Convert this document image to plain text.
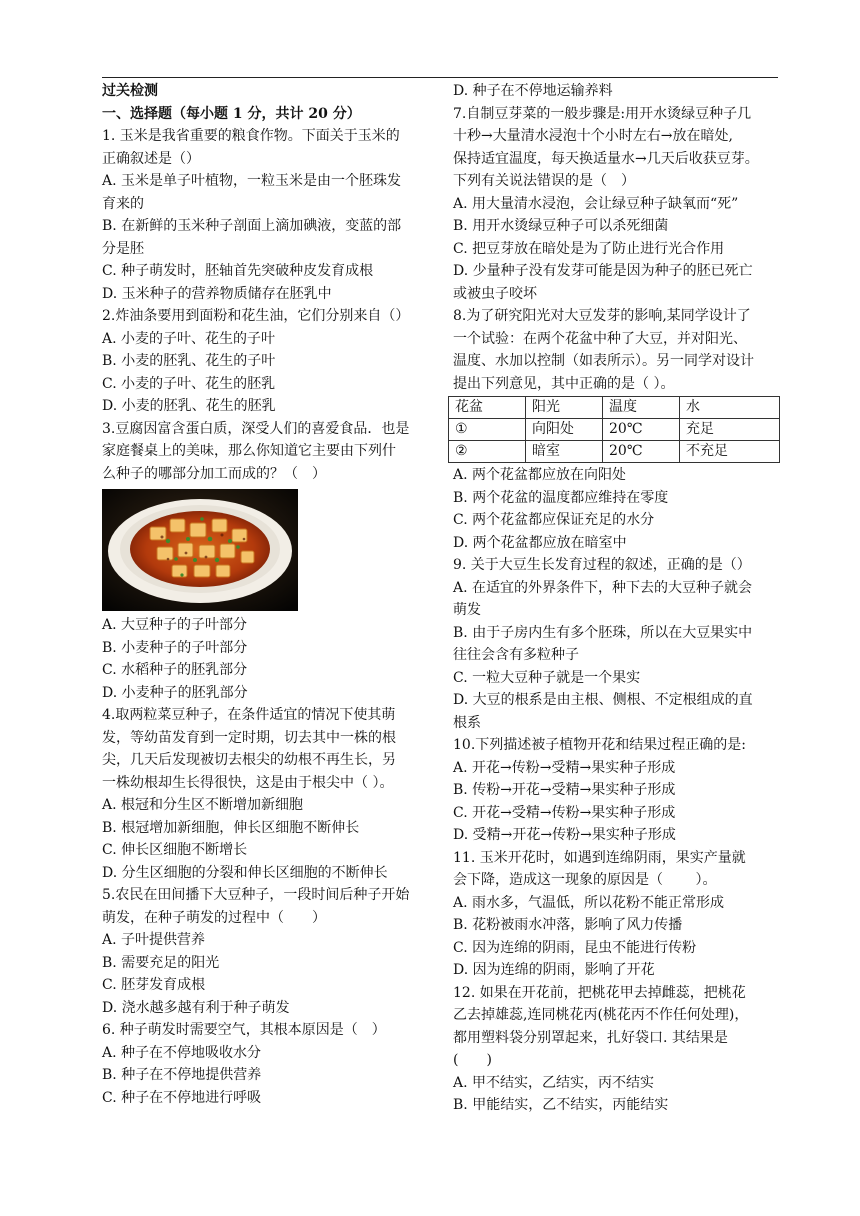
过关检测
一、选择题（每小题 1 分，共计 20 分）
1. 玉米是我省重要的粮食作物。下面关于玉米的
正确叙述是（）
A. 玉米是单子叶植物，一粒玉米是由一个胚珠发
育来的
B. 在新鲜的玉米种子剖面上滴加碘液，变蓝的部
分是胚
C. 种子萌发时，胚轴首先突破种皮发育成根
D. 玉米种子的营养物质储存在胚乳中
2.炸油条要用到面粉和花生油，它们分别来自（）
A. 小麦的子叶、花生的子叶
B. 小麦的胚乳、花生的子叶
C. 小麦的子叶、花生的胚乳
D. 小麦的胚乳、花生的胚乳
3.豆腐因富含蛋白质，深受人们的喜爱食品．也是
家庭餐桌上的美味，那么你知道它主要由下列什
么种子的哪部分加工而成的？（　）
A. 大豆种子的子叶部分
B. 小麦种子的子叶部分
C. 水稻种子的胚乳部分
D. 小麦种子的胚乳部分
4.取两粒菜豆种子，在条件适宜的情况下使其萌
发，等幼苗发育到一定时期，切去其中一株的根
尖，几天后发现被切去根尖的幼根不再生长，另
一株幼根却生长得很快，这是由于根尖中（ ）。
A. 根冠和分生区不断增加新细胞
B. 根冠增加新细胞，伸长区细胞不断伸长
C. 伸长区细胞不断增长
D. 分生区细胞的分裂和伸长区细胞的不断伸长
5.农民在田间播下大豆种子，一段时间后种子开始
萌发，在种子萌发的过程中（　　）
A. 子叶提供营养
B. 需要充足的阳光
C. 胚芽发育成根
D. 浇水越多越有利于种子萌发
6. 种子萌发时需要空气，其根本原因是（　）
A. 种子在不停地吸收水分
B. 种子在不停地提供营养
C. 种子在不停地进行呼吸
D. 种子在不停地运输养料
7.自制豆芽菜的一般步骤是:用开水烫绿豆种子几
十秒→大量清水浸泡十个小时左右→放在暗处,
保持适宜温度，每天换适量水→几天后收获豆芽。
下列有关说法错误的是（　）
A. 用大量清水浸泡，会让绿豆种子缺氧而“死”
B. 用开水烫绿豆种子可以杀死细菌
C. 把豆芽放在暗处是为了防止进行光合作用
D. 少量种子没有发芽可能是因为种子的胚已死亡
或被虫子咬坏
8.为了研究阳光对大豆发芽的影响,某同学设计了
一个试验：在两个花盆中种了大豆，并对阳光、
温度、水加以控制（如表所示）。另一同学对设计
提出下列意见，其中正确的是（ ）。
花盆	阳光	温度	水
①	向阳处	20℃	充足
②	暗室	20℃	不充足
A. 两个花盆都应放在向阳处
B. 两个花盆的温度都应维持在零度
C. 两个花盆都应保证充足的水分
D. 两个花盆都应放在暗室中
9. 关于大豆生长发育过程的叙述，正确的是（）
A. 在适宜的外界条件下，种下去的大豆种子就会
萌发
B. 由于子房内生有多个胚珠，所以在大豆果实中
往往会含有多粒种子
C. 一粒大豆种子就是一个果实
D. 大豆的根系是由主根、侧根、不定根组成的直
根系
10.下列描述被子植物开花和结果过程正确的是:
A. 开花→传粉→受精→果实种子形成
B. 传粉→开花→受精→果实种子形成
C. 开花→受精→传粉→果实种子形成
D. 受精→开花→传粉→果实种子形成
11. 玉米开花时，如遇到连绵阴雨，果实产量就
会下降，造成这一现象的原因是（　　 ）。
A. 雨水多，气温低，所以花粉不能正常形成
B. 花粉被雨水冲落，影响了风力传播
C. 因为连绵的阴雨，昆虫不能进行传粉
D. 因为连绵的阴雨，影响了开花
12. 如果在开花前，把桃花甲去掉雌蕊，把桃花
乙去掉雄蕊,连同桃花丙(桃花丙不作任何处理)，
都用塑料袋分别罩起来，扎好袋口. 其结果是
(　　)
A. 甲不结实，乙结实，丙不结实
B. 甲能结实，乙不结实，丙能结实
